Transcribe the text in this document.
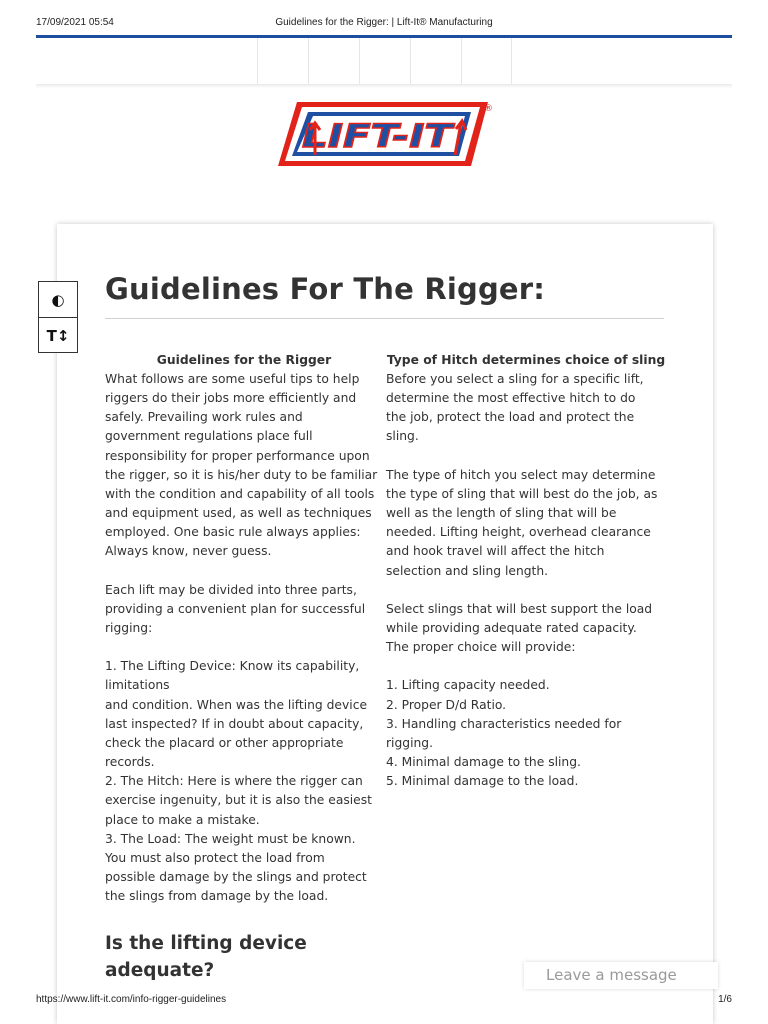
17/09/2021 05:54	Guidelines for the Rigger: | Lift-It® Manufacturing
LIFT-IT
®
◐
T↕
Guidelines For The Rigger:
Guidelines for the Rigger

What follows are some useful tips to help

riggers do their jobs more efficiently and

safely. Prevailing work rules and

government regulations place full

responsibility for proper performance upon

the rigger, so it is his/her duty to be familiar

with the condition and capability of all tools

and equipment used, as well as techniques

employed. One basic rule always applies:

Always know, never guess.

Each lift may be divided into three parts,

providing a convenient plan for successful

rigging:

1. The Lifting Device: Know its capability,

limitations

and condition. When was the lifting device

last inspected? If in doubt about capacity,

check the placard or other appropriate

records.

2. The Hitch: Here is where the rigger can

exercise ingenuity, but it is also the easiest

place to make a mistake.

3. The Load: The weight must be known.

You must also protect the load from

possible damage by the slings and protect

the slings from damage by the load.

Type of Hitch determines choice of sling

Before you select a sling for a specific lift,

determine the most effective hitch to do

the job, protect the load and protect the

sling.

The type of hitch you select may determine

the type of sling that will best do the job, as

well as the length of sling that will be

needed. Lifting height, overhead clearance

and hook travel will affect the hitch

selection and sling length.

Select slings that will best support the load

while providing adequate rated capacity.

The proper choice will provide:

1. Lifting capacity needed.

2. Proper D/d Ratio.

3. Handling characteristics needed for

rigging.

4. Minimal damage to the sling.

5. Minimal damage to the load.

Is the lifting device
adequate?	Leave a message
https://www.lift-it.com/info-rigger-guidelines	1/6
